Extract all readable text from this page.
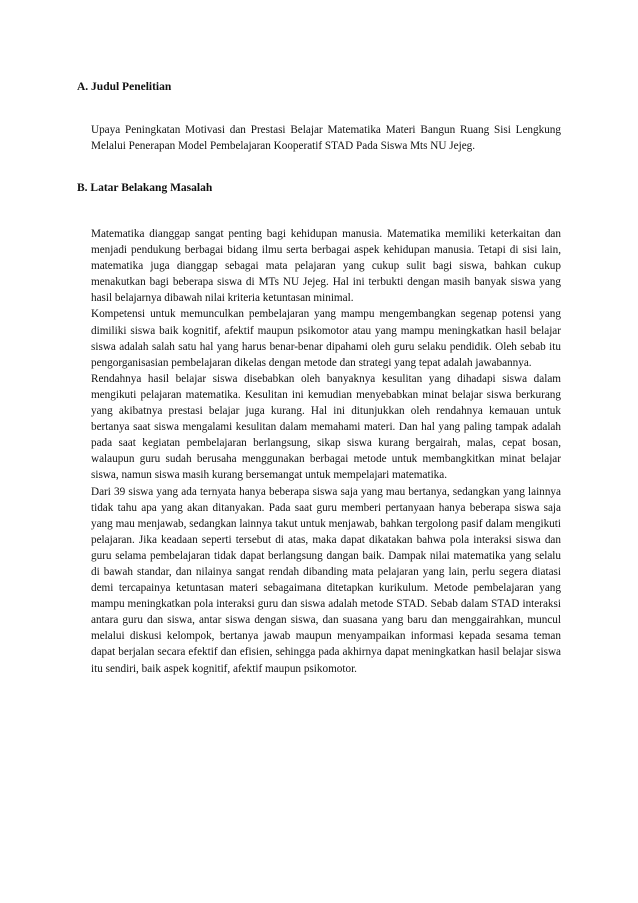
A. Judul Penelitian
Upaya Peningkatan Motivasi dan Prestasi Belajar Matematika Materi Bangun Ruang Sisi Lengkung Melalui Penerapan Model Pembelajaran Kooperatif STAD Pada Siswa Mts NU Jejeg.
B. Latar Belakang Masalah

Matematika dianggap sangat penting bagi kehidupan manusia. Matematika memiliki keterkaitan dan menjadi pendukung berbagai bidang ilmu serta berbagai aspek kehidupan manusia. Tetapi di sisi lain, matematika juga dianggap sebagai mata pelajaran yang cukup sulit bagi siswa, bahkan cukup menakutkan bagi beberapa siswa di MTs NU Jejeg. Hal ini terbukti dengan masih banyak siswa yang hasil belajarnya dibawah nilai kriteria ketuntasan minimal.

Kompetensi untuk memunculkan pembelajaran yang mampu mengembangkan segenap potensi yang dimiliki siswa baik kognitif, afektif maupun psikomotor atau yang mampu meningkatkan hasil belajar siswa adalah salah satu hal yang harus benar-benar dipahami oleh guru selaku pendidik. Oleh sebab itu pengorganisasian pembelajaran dikelas dengan metode dan strategi yang tepat adalah jawabannya.

Rendahnya hasil belajar siswa disebabkan oleh banyaknya kesulitan yang dihadapi siswa dalam mengikuti pelajaran matematika. Kesulitan ini kemudian menyebabkan minat belajar siswa berkurang yang akibatnya prestasi belajar juga kurang. Hal ini ditunjukkan oleh rendahnya kemauan untuk bertanya saat siswa mengalami kesulitan dalam memahami materi. Dan hal yang paling tampak adalah pada saat kegiatan pembelajaran berlangsung, sikap siswa kurang bergairah, malas, cepat bosan, walaupun guru sudah berusaha menggunakan berbagai metode untuk membangkitkan minat belajar siswa, namun siswa masih kurang bersemangat untuk mempelajari matematika.

Dari 39 siswa yang ada ternyata hanya beberapa siswa saja yang mau bertanya, sedangkan yang lainnya tidak tahu apa yang akan ditanyakan. Pada saat guru memberi pertanyaan hanya beberapa siswa saja yang mau menjawab, sedangkan lainnya takut untuk menjawab, bahkan tergolong pasif dalam mengikuti pelajaran. Jika keadaan seperti tersebut di atas, maka dapat dikatakan bahwa pola interaksi siswa dan guru selama pembelajaran tidak dapat berlangsung dangan baik. Dampak nilai matematika yang selalu di bawah standar, dan nilainya sangat rendah dibanding mata pelajaran yang lain, perlu segera diatasi demi tercapainya ketuntasan materi sebagaimana ditetapkan kurikulum. Metode pembelajaran yang mampu meningkatkan pola interaksi guru dan siswa adalah metode STAD. Sebab dalam STAD interaksi antara guru dan siswa, antar siswa dengan siswa, dan suasana yang baru dan menggairahkan, muncul melalui diskusi kelompok, bertanya jawab maupun menyampaikan informasi kepada sesama teman dapat berjalan secara efektif dan efisien, sehingga pada akhirnya dapat meningkatkan hasil belajar siswa itu sendiri, baik aspek kognitif, afektif maupun psikomotor.
